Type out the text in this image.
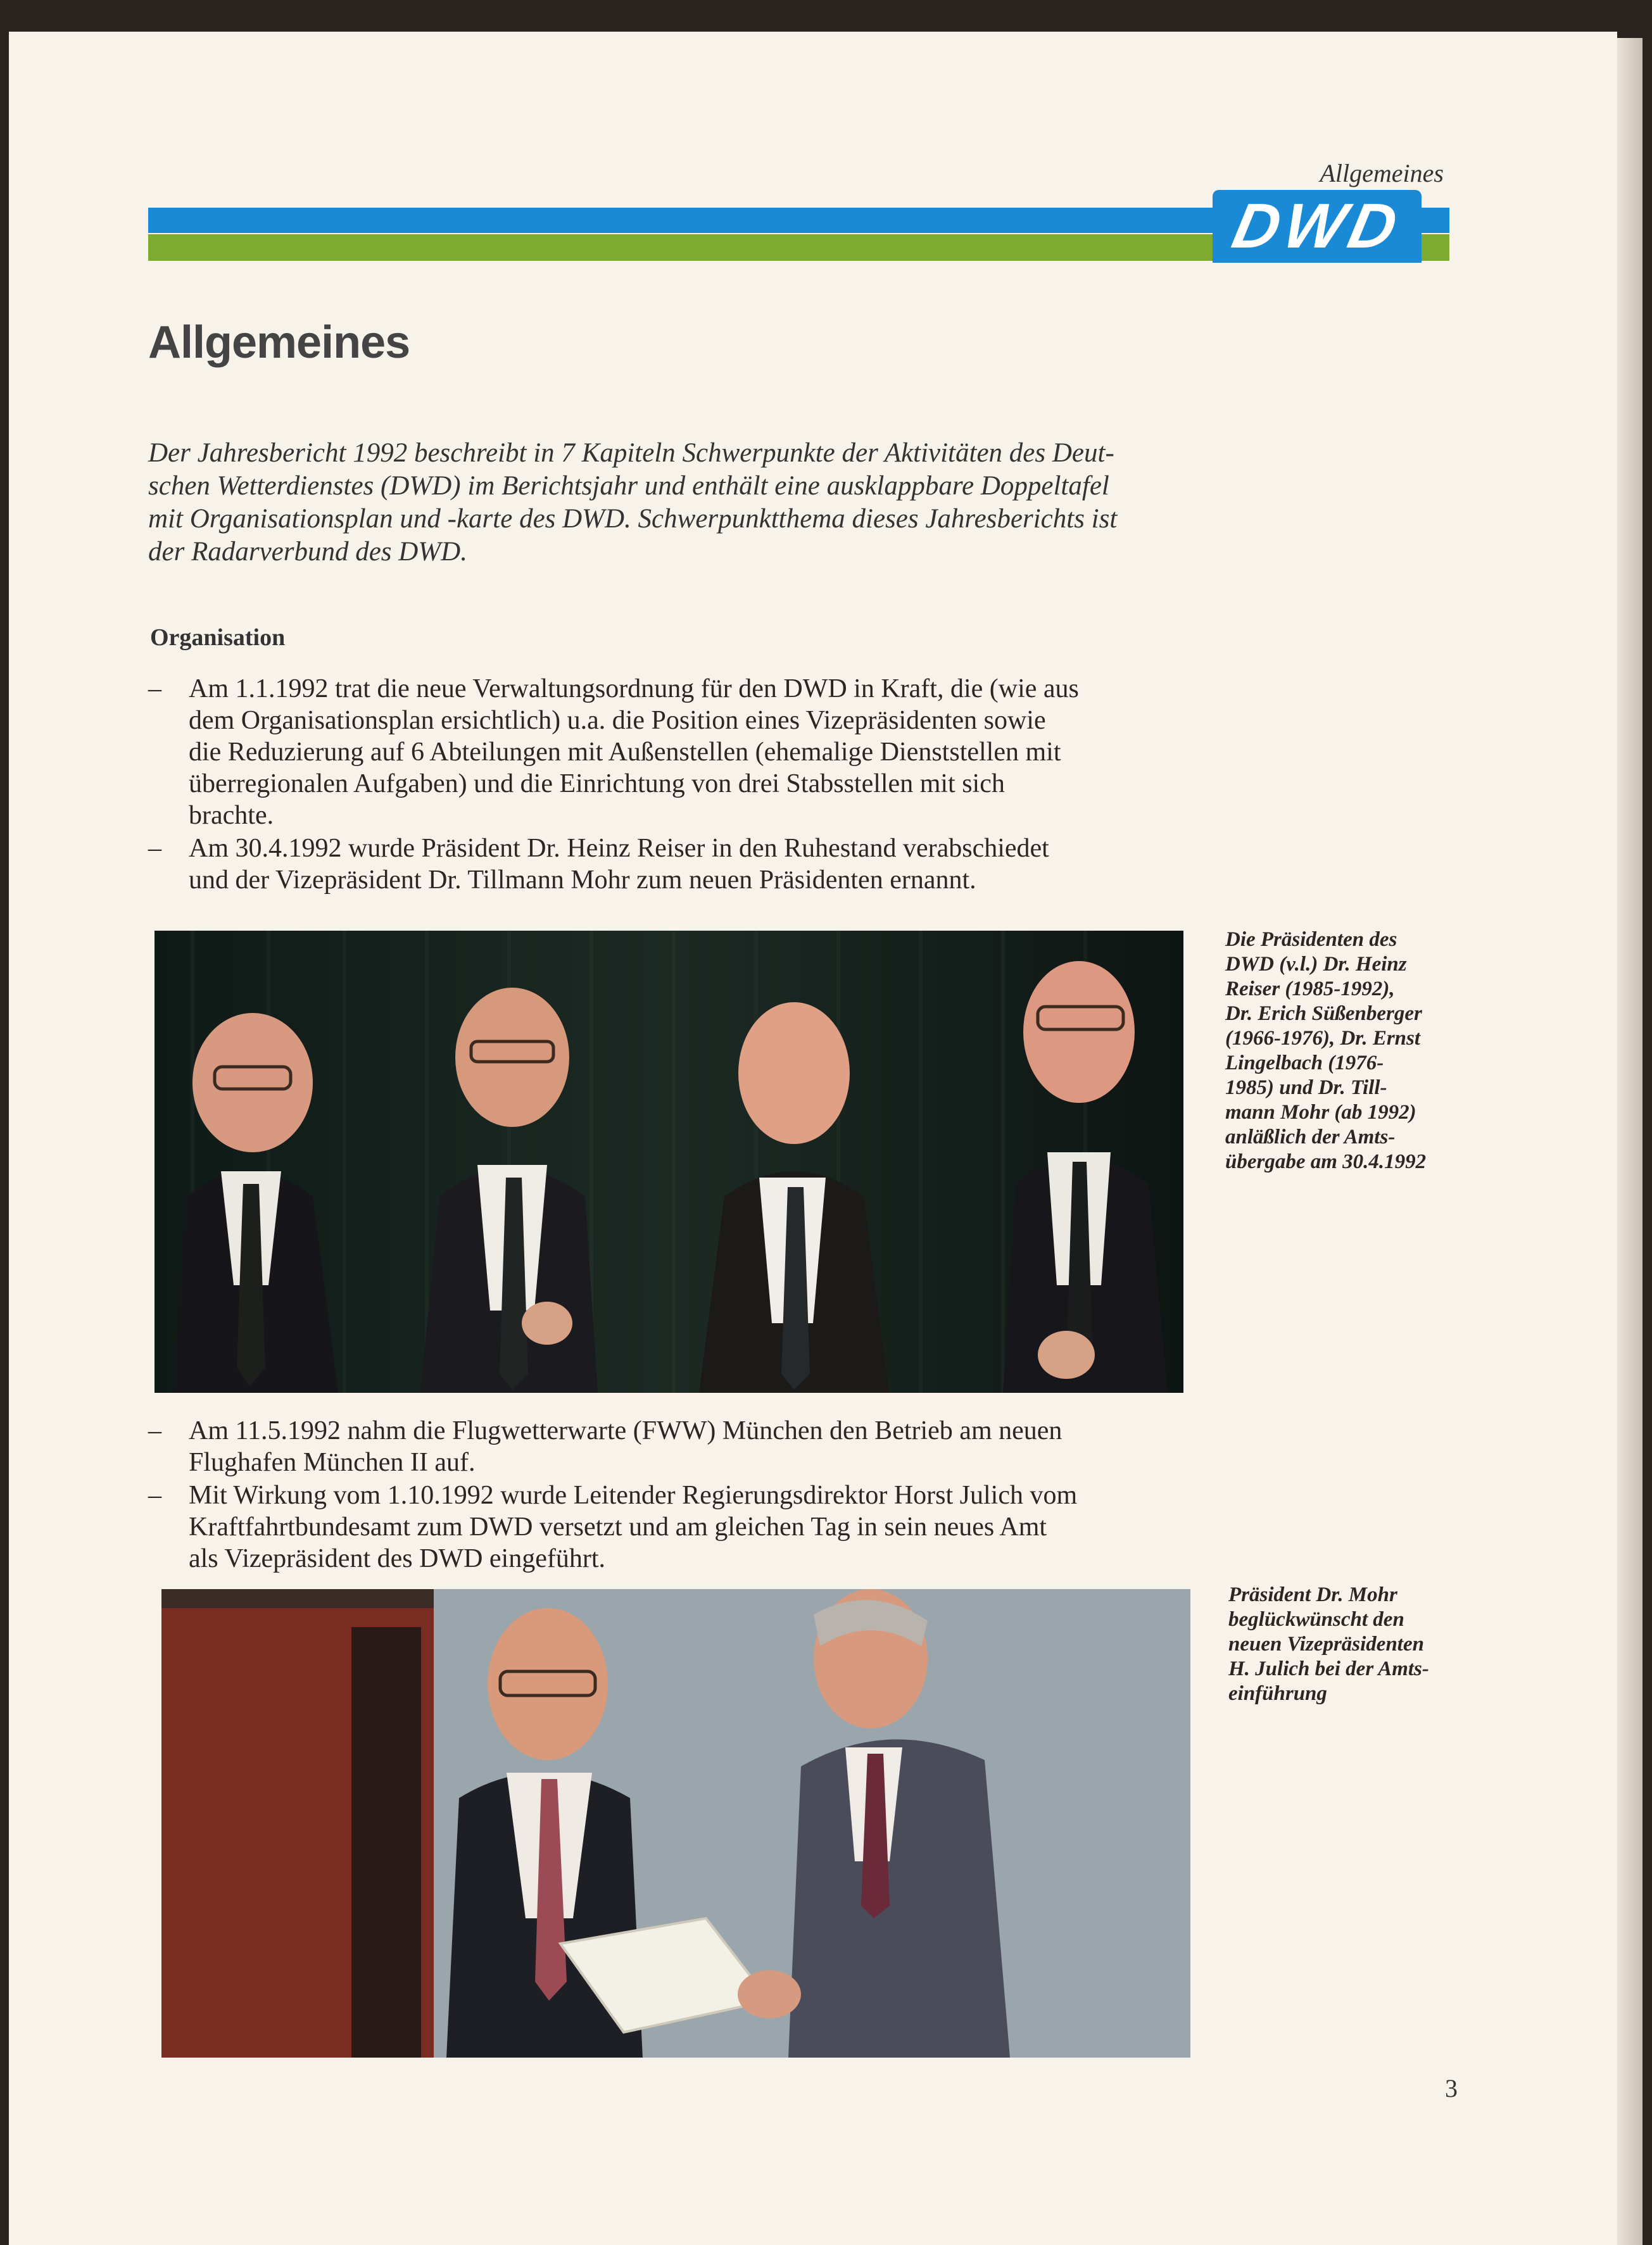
Allgemeines
DWD
Allgemeines

Der Jahresbericht 1992 beschreibt in 7 Kapiteln Schwerpunkte der Aktivitäten des Deut-
schen Wetterdienstes (DWD) im Berichtsjahr und enthält eine ausklappbare Doppeltafel
mit Organisationsplan und -karte des DWD. Schwerpunktthema dieses Jahresberichts ist
der Radarverbund des DWD.

Organisation
– Am 1.1.1992 trat die neue Verwaltungsordnung für den DWD in Kraft, die (wie aus
dem Organisationsplan ersichtlich) u.a. die Position eines Vizepräsidenten sowie
die Reduzierung auf 6 Abteilungen mit Außenstellen (ehemalige Dienststellen mit
überregionalen Aufgaben) und die Einrichtung von drei Stabsstellen mit sich
brachte.
– Am 30.4.1992 wurde Präsident Dr. Heinz Reiser in den Ruhestand verabschiedet
und der Vizepräsident Dr. Tillmann Mohr zum neuen Präsidenten ernannt.
Die Präsidenten des
DWD (v.l.) Dr. Heinz
Reiser (1985-1992),
Dr. Erich Süßenberger
(1966-1976), Dr. Ernst
Lingelbach (1976-
1985) und Dr. Till-
mann Mohr (ab 1992)
anläßlich der Amts-
übergabe am 30.4.1992
– Am 11.5.1992 nahm die Flugwetterwarte (FWW) München den Betrieb am neuen
Flughafen München II auf.
– Mit Wirkung vom 1.10.1992 wurde Leitender Regierungsdirektor Horst Julich vom
Kraftfahrtbundesamt zum DWD versetzt und am gleichen Tag in sein neues Amt
als Vizepräsident des DWD eingeführt.
Präsident Dr. Mohr
beglückwünscht den
neuen Vizepräsidenten
H. Julich bei der Amts-
einführung
3
